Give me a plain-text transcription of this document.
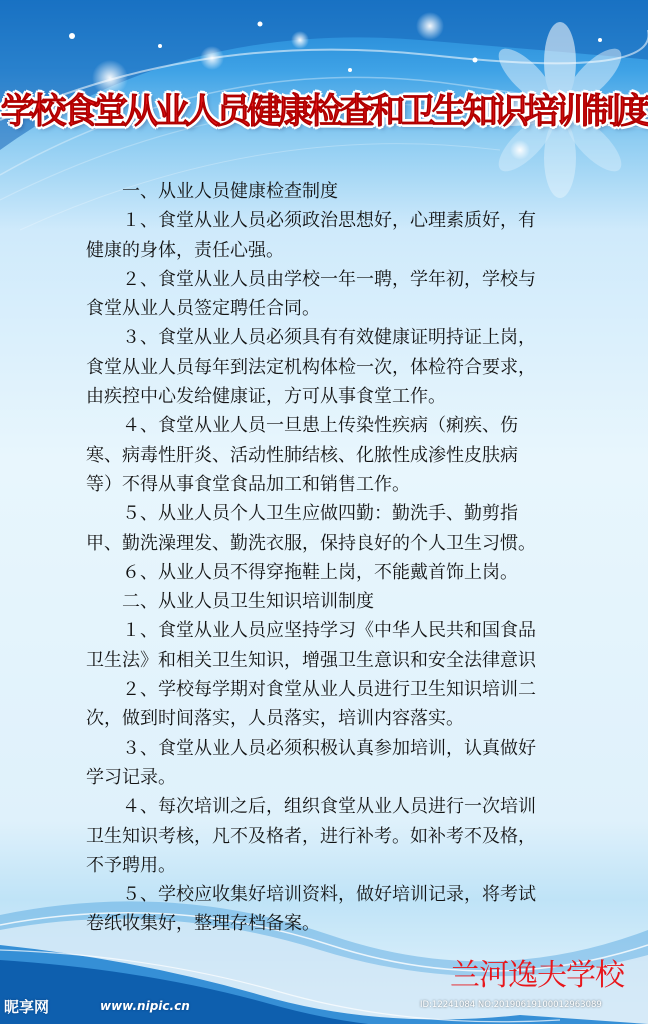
学校食堂从业人员健康检查和卫生知识培训制度
　　一、从业人员健康检查制度
　　１、食堂从业人员必须政治思想好，心理素质好，有
健康的身体，责任心强。
　　２、食堂从业人员由学校一年一聘，学年初，学校与
食堂从业人员签定聘任合同。
　　３、食堂从业人员必须具有有效健康证明持证上岗，
食堂从业人员每年到法定机构体检一次，体检符合要求，
由疾控中心发给健康证，方可从事食堂工作。
　　４、食堂从业人员一旦患上传染性疾病（痢疾、伤
寒、病毒性肝炎、活动性肺结核、化脓性成渗性皮肤病
等）不得从事食堂食品加工和销售工作。
　　５、从业人员个人卫生应做四勤：勤洗手、勤剪指
甲、勤洗澡理发、勤洗衣服，保持良好的个人卫生习惯。
　　６、从业人员不得穿拖鞋上岗，不能戴首饰上岗。
　　二、从业人员卫生知识培训制度
　　１、食堂从业人员应坚持学习《中华人民共和国食品
卫生法》和相关卫生知识，增强卫生意识和安全法律意识
　　２、学校每学期对食堂从业人员进行卫生知识培训二
次，做到时间落实，人员落实，培训内容落实。
　　３、食堂从业人员必须积极认真参加培训，认真做好
学习记录。
　　４、每次培训之后，组织食堂从业人员进行一次培训
卫生知识考核，凡不及格者，进行补考。如补考不及格，
不予聘用。
　　５、学校应收集好培训资料，做好培训记录，将考试
卷纸收集好，整理存档备案。
兰河逸夫学校
昵享网	www.nipic.cn	ID:12241084 NO:20190619100012963089
